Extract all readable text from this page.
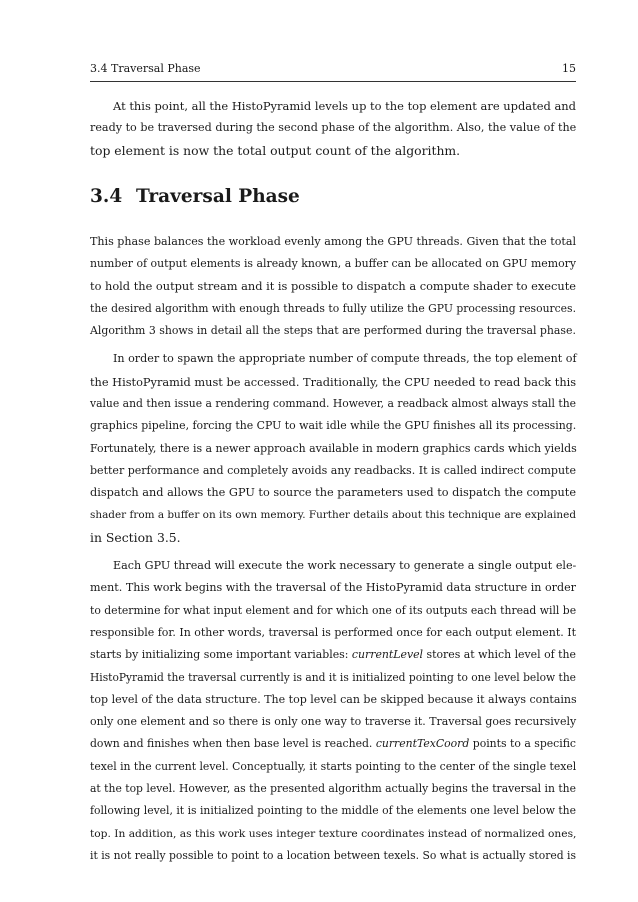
3.4 Traversal Phase	15

At this point, all the HistoPyramid levels up to the top element are updated and
ready to be traversed during the second phase of the algorithm. Also, the value of the
top element is now the total output count of the algorithm.

3.4 Traversal Phase

This phase balances the workload evenly among the GPU threads. Given that the total
number of output elements is already known, a buffer can be allocated on GPU memory
to hold the output stream and it is possible to dispatch a compute shader to execute
the desired algorithm with enough threads to fully utilize the GPU processing resources.
Algorithm 3 shows in detail all the steps that are performed during the traversal phase.

In order to spawn the appropriate number of compute threads, the top element of
the HistoPyramid must be accessed. Traditionally, the CPU needed to read back this
value and then issue a rendering command. However, a readback almost always stall the
graphics pipeline, forcing the CPU to wait idle while the GPU finishes all its processing.
Fortunately, there is a newer approach available in modern graphics cards which yields
better performance and completely avoids any readbacks. It is called indirect compute
dispatch and allows the GPU to source the parameters used to dispatch the compute
shader from a buffer on its own memory. Further details about this technique are explained
in Section 3.5.

Each GPU thread will execute the work necessary to generate a single output ele-
ment. This work begins with the traversal of the HistoPyramid data structure in order
to determine for what input element and for which one of its outputs each thread will be
responsible for. In other words, traversal is performed once for each output element. It
starts by initializing some important variables: currentLevel stores at which level of the
HistoPyramid the traversal currently is and it is initialized pointing to one level below the
top level of the data structure. The top level can be skipped because it always contains
only one element and so there is only one way to traverse it. Traversal goes recursively
down and finishes when then base level is reached. currentTexCoord points to a specific
texel in the current level. Conceptually, it starts pointing to the center of the single texel
at the top level. However, as the presented algorithm actually begins the traversal in the
following level, it is initialized pointing to the middle of the elements one level below the
top. In addition, as this work uses integer texture coordinates instead of normalized ones,
it is not really possible to point to a location between texels. So what is actually stored is
